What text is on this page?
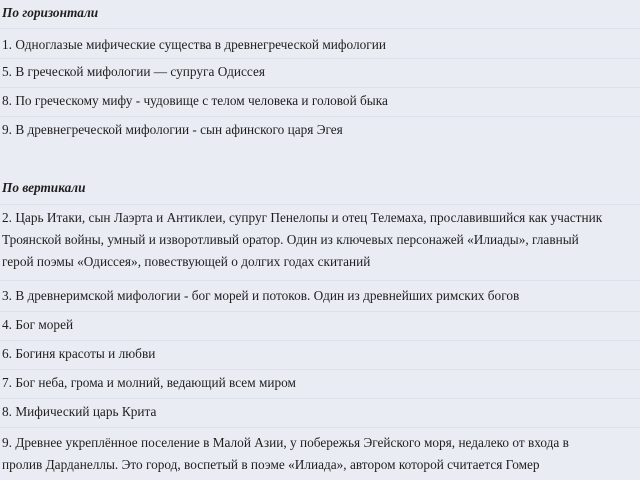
По горизонтали
1. Одноглазые мифические существа в древнегреческой мифологии
5. В греческой мифологии — супруга Одиссея
8. По греческому мифу - чудовище с телом человека и головой быка
9. В древнегреческой мифологии - сын афинского царя Эгея
По вертикали
2. Царь Итаки, сын Лаэрта и Антиклеи, супруг Пенелопы и отец Телемаха, прославившийся как участник
Троянской войны, умный и изворотливый оратор. Один из ключевых персонажей «Илиады», главный
герой поэмы «Одиссея», повествующей о долгих годах скитаний
3. В древнеримской мифологии - бог морей и потоков. Один из древнейших римских богов
4. Бог морей
6. Богиня красоты и любви
7. Бог неба, грома и молний, ведающий всем миром
8. Мифический царь Крита
9. Древнее укреплённое поселение в Малой Азии, у побережья Эгейского моря, недалеко от входа в
пролив Дарданеллы. Это город, воспетый в поэме «Илиада», автором которой считается Гомер
